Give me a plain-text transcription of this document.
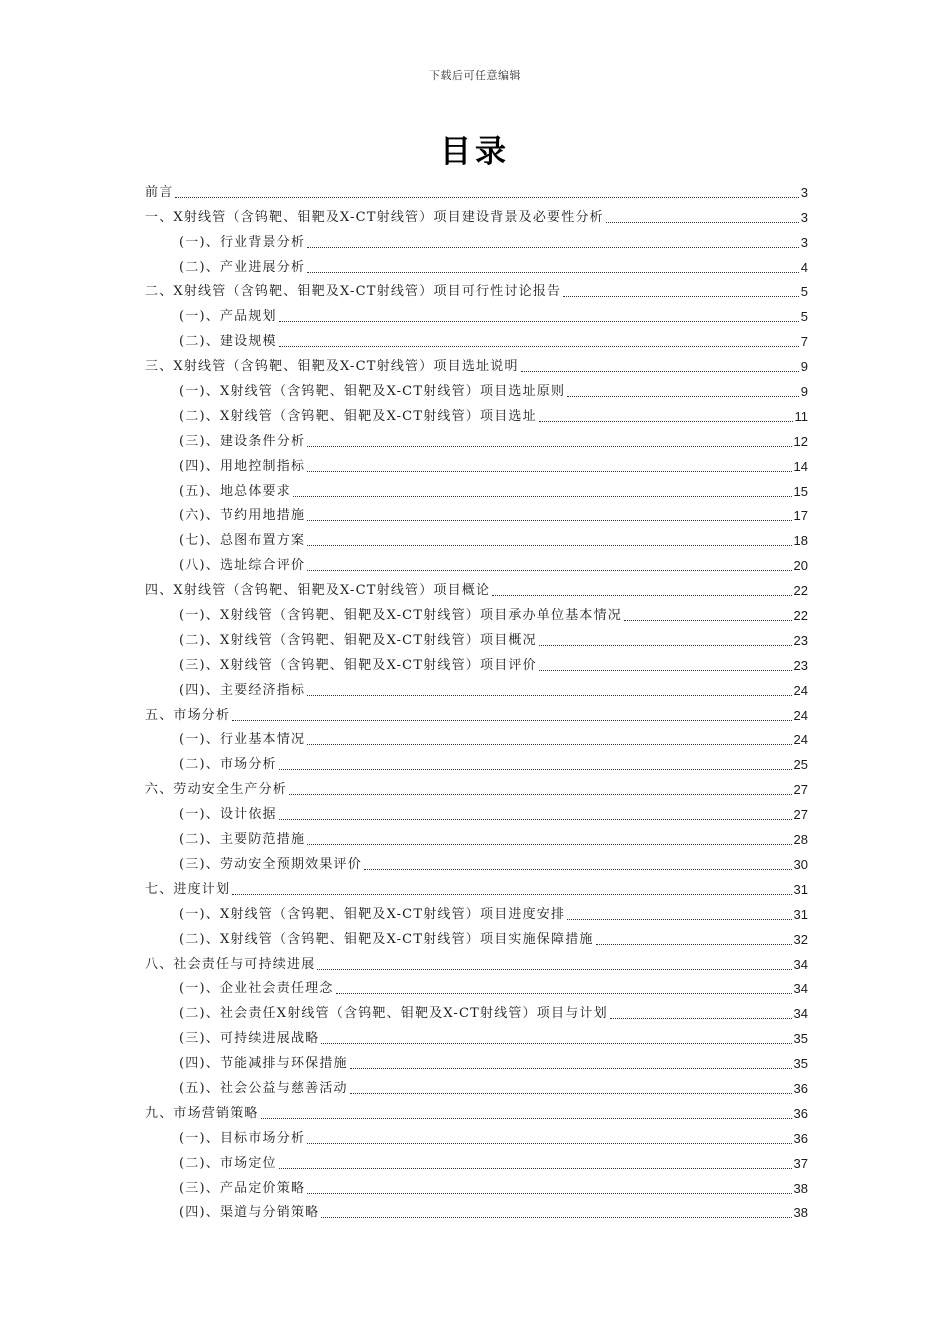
下载后可任意编辑
目录
前言	3
一、X射线管（含钨靶、钼靶及X-CT射线管）项目建设背景及必要性分析	3
(一)、行业背景分析	3
(二)、产业进展分析	4
二、X射线管（含钨靶、钼靶及X-CT射线管）项目可行性讨论报告	5
(一)、产品规划	5
(二)、建设规模	7
三、X射线管（含钨靶、钼靶及X-CT射线管）项目选址说明	9
(一)、X射线管（含钨靶、钼靶及X-CT射线管）项目选址原则	9
(二)、X射线管（含钨靶、钼靶及X-CT射线管）项目选址	11
(三)、建设条件分析	12
(四)、用地控制指标	14
(五)、地总体要求	15
(六)、节约用地措施	17
(七)、总图布置方案	18
(八)、选址综合评价	20
四、X射线管（含钨靶、钼靶及X-CT射线管）项目概论	22
(一)、X射线管（含钨靶、钼靶及X-CT射线管）项目承办单位基本情况	22
(二)、X射线管（含钨靶、钼靶及X-CT射线管）项目概况	23
(三)、X射线管（含钨靶、钼靶及X-CT射线管）项目评价	23
(四)、主要经济指标	24
五、市场分析	24
(一)、行业基本情况	24
(二)、市场分析	25
六、劳动安全生产分析	27
(一)、设计依据	27
(二)、主要防范措施	28
(三)、劳动安全预期效果评价	30
七、进度计划	31
(一)、X射线管（含钨靶、钼靶及X-CT射线管）项目进度安排	31
(二)、X射线管（含钨靶、钼靶及X-CT射线管）项目实施保障措施	32
八、社会责任与可持续进展	34
(一)、企业社会责任理念	34
(二)、社会责任X射线管（含钨靶、钼靶及X-CT射线管）项目与计划	34
(三)、可持续进展战略	35
(四)、节能减排与环保措施	35
(五)、社会公益与慈善活动	36
九、市场营销策略	36
(一)、目标市场分析	36
(二)、市场定位	37
(三)、产品定价策略	38
(四)、渠道与分销策略	38
